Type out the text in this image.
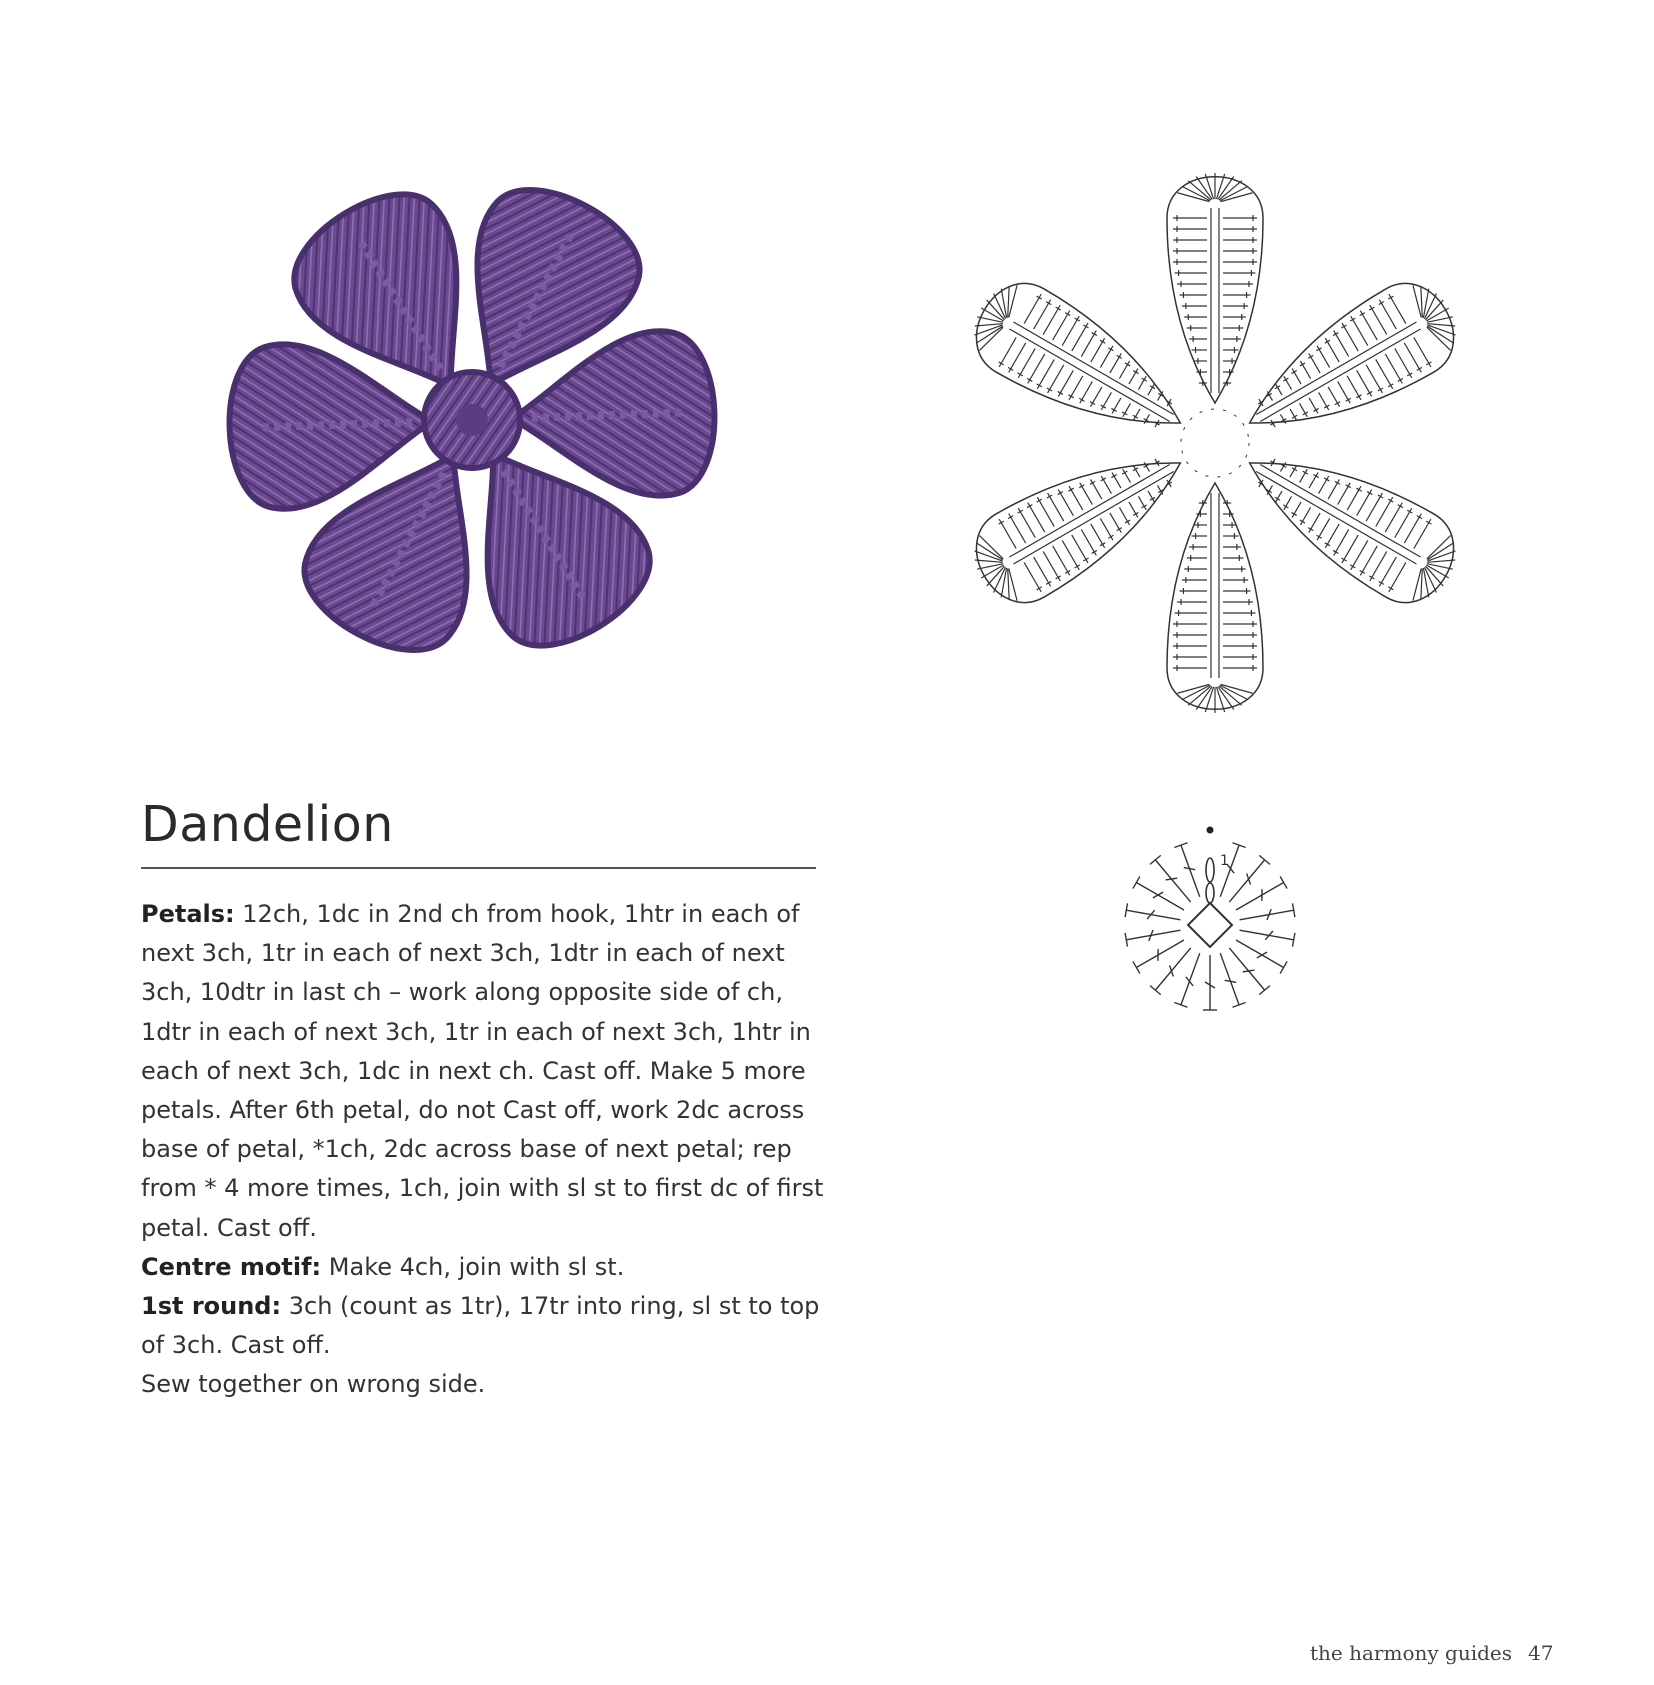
1
Dandelion

Petals: 12ch, 1dc in 2nd ch from hook, 1htr in each of next 3ch, 1tr in each of next 3ch, 1dtr in each of next 3ch, 10dtr in last ch – work along opposite side of ch, 1dtr in each of next 3ch, 1tr in each of next 3ch, 1htr in each of next 3ch, 1dc in next ch. Cast off. Make 5 more petals. After 6th petal, do not Cast off, work 2dc across base of petal, *1ch, 2dc across base of next petal; rep from * 4 more times, 1ch, join with sl st to first dc of first petal. Cast off.

Centre motif: Make 4ch, join with sl st.

1st round: 3ch (count as 1tr), 17tr into ring, sl st to top of 3ch. Cast off.

Sew together on wrong side.

the harmony guides 47
